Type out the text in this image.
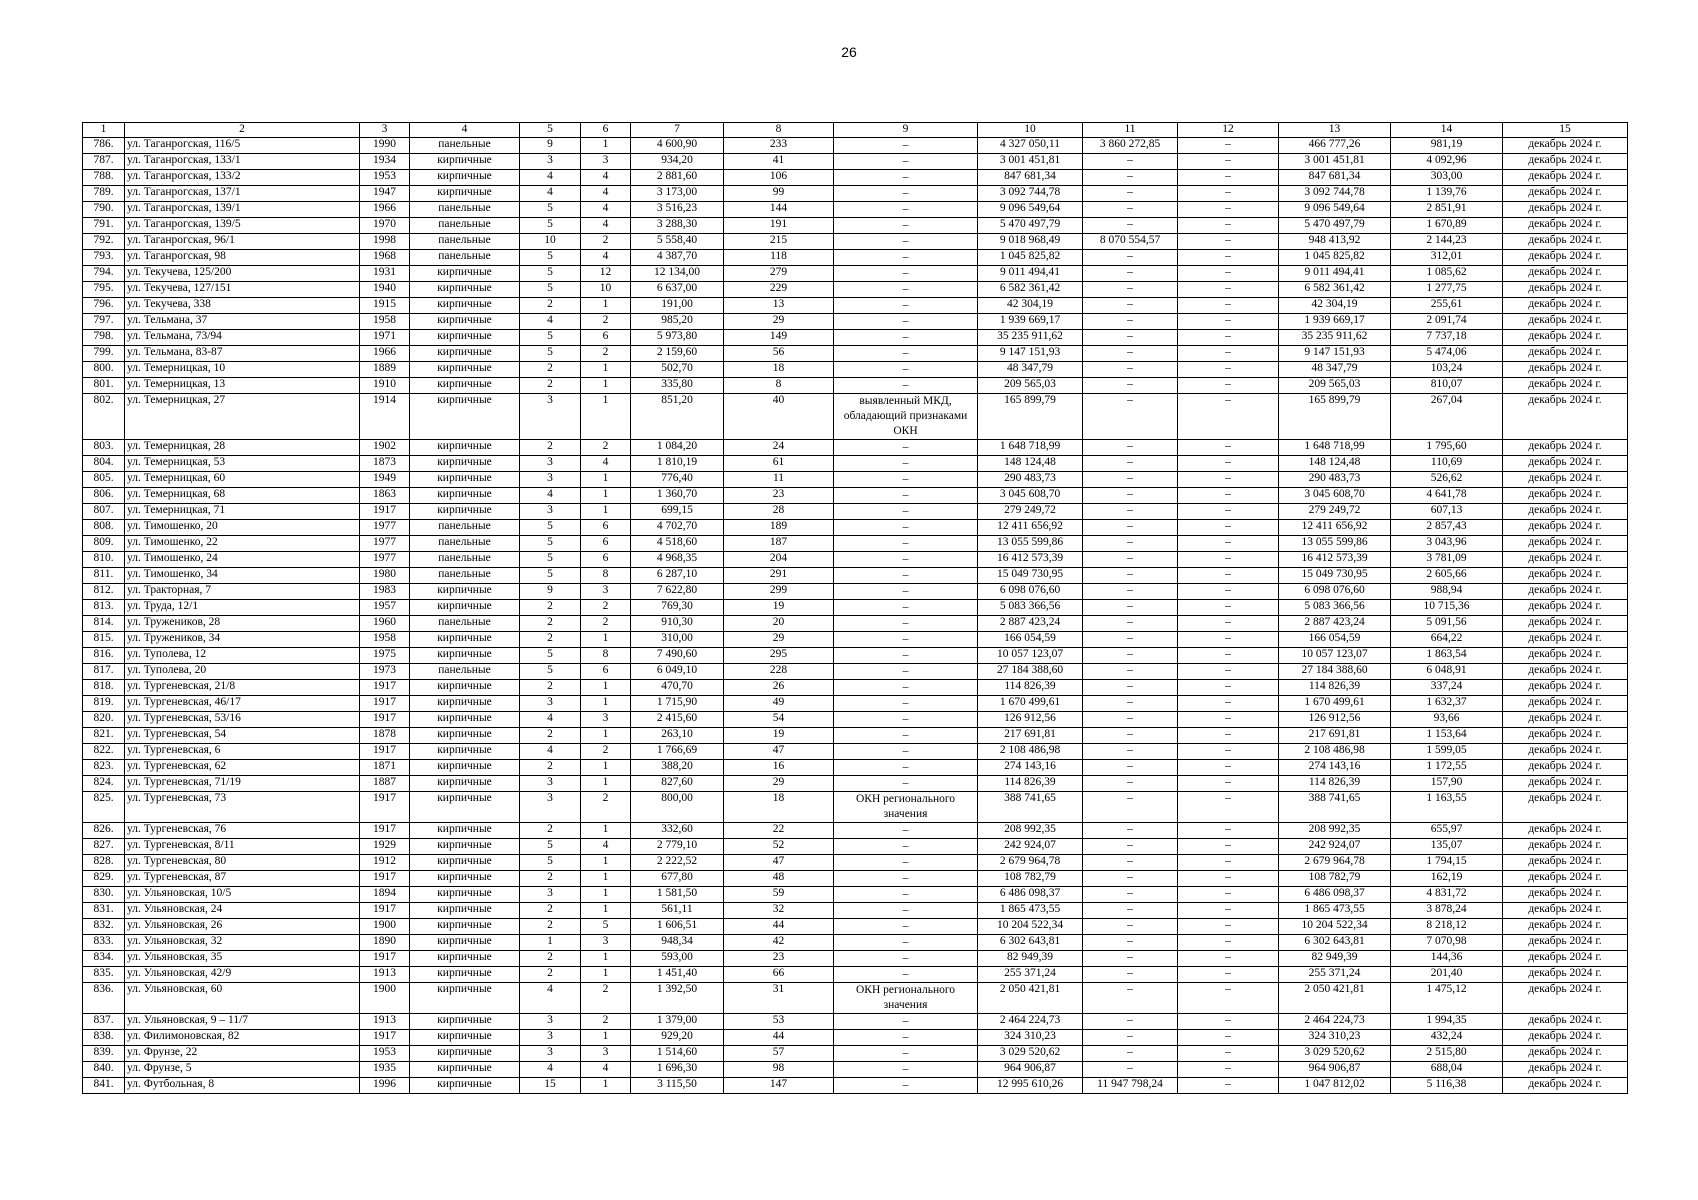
26
1	2	3	4	5	6	7	8	9	10	11	12	13	14	15
786.	ул. Таганрогская, 116/5	1990	панельные	9	1	4 600,90	233	–	4 327 050,11	3 860 272,85	–	466 777,26	981,19	декабрь 2024 г.
787.	ул. Таганрогская, 133/1	1934	кирпичные	3	3	934,20	41	–	3 001 451,81	–	–	3 001 451,81	4 092,96	декабрь 2024 г.
788.	ул. Таганрогская, 133/2	1953	кирпичные	4	4	2 881,60	106	–	847 681,34	–	–	847 681,34	303,00	декабрь 2024 г.
789.	ул. Таганрогская, 137/1	1947	кирпичные	4	4	3 173,00	99	–	3 092 744,78	–	–	3 092 744,78	1 139,76	декабрь 2024 г.
790.	ул. Таганрогская, 139/1	1966	панельные	5	4	3 516,23	144	–	9 096 549,64	–	–	9 096 549,64	2 851,91	декабрь 2024 г.
791.	ул. Таганрогская, 139/5	1970	панельные	5	4	3 288,30	191	–	5 470 497,79	–	–	5 470 497,79	1 670,89	декабрь 2024 г.
792.	ул. Таганрогская, 96/1	1998	панельные	10	2	5 558,40	215	–	9 018 968,49	8 070 554,57	–	948 413,92	2 144,23	декабрь 2024 г.
793.	ул. Таганрогская, 98	1968	панельные	5	4	4 387,70	118	–	1 045 825,82	–	–	1 045 825,82	312,01	декабрь 2024 г.
794.	ул. Текучева, 125/200	1931	кирпичные	5	12	12 134,00	279	–	9 011 494,41	–	–	9 011 494,41	1 085,62	декабрь 2024 г.
795.	ул. Текучева, 127/151	1940	кирпичные	5	10	6 637,00	229	–	6 582 361,42	–	–	6 582 361,42	1 277,75	декабрь 2024 г.
796.	ул. Текучева, 338	1915	кирпичные	2	1	191,00	13	–	42 304,19	–	–	42 304,19	255,61	декабрь 2024 г.
797.	ул. Тельмана, 37	1958	кирпичные	4	2	985,20	29	–	1 939 669,17	–	–	1 939 669,17	2 091,74	декабрь 2024 г.
798.	ул. Тельмана, 73/94	1971	кирпичные	5	6	5 973,80	149	–	35 235 911,62	–	–	35 235 911,62	7 737,18	декабрь 2024 г.
799.	ул. Тельмана, 83-87	1966	кирпичные	5	2	2 159,60	56	–	9 147 151,93	–	–	9 147 151,93	5 474,06	декабрь 2024 г.
800.	ул. Темерницкая, 10	1889	кирпичные	2	1	502,70	18	–	48 347,79	–	–	48 347,79	103,24	декабрь 2024 г.
801.	ул. Темерницкая, 13	1910	кирпичные	2	1	335,80	8	–	209 565,03	–	–	209 565,03	810,07	декабрь 2024 г.
802.	ул. Темерницкая, 27	1914	кирпичные	3	1	851,20	40	выявленный МКД, обладающий признаками ОКН	165 899,79	–	–	165 899,79	267,04	декабрь 2024 г.
803.	ул. Темерницкая, 28	1902	кирпичные	2	2	1 084,20	24	–	1 648 718,99	–	–	1 648 718,99	1 795,60	декабрь 2024 г.
804.	ул. Темерницкая, 53	1873	кирпичные	3	4	1 810,19	61	–	148 124,48	–	–	148 124,48	110,69	декабрь 2024 г.
805.	ул. Темерницкая, 60	1949	кирпичные	3	1	776,40	11	–	290 483,73	–	–	290 483,73	526,62	декабрь 2024 г.
806.	ул. Темерницкая, 68	1863	кирпичные	4	1	1 360,70	23	–	3 045 608,70	–	–	3 045 608,70	4 641,78	декабрь 2024 г.
807.	ул. Темерницкая, 71	1917	кирпичные	3	1	699,15	28	–	279 249,72	–	–	279 249,72	607,13	декабрь 2024 г.
808.	ул. Тимошенко, 20	1977	панельные	5	6	4 702,70	189	–	12 411 656,92	–	–	12 411 656,92	2 857,43	декабрь 2024 г.
809.	ул. Тимошенко, 22	1977	панельные	5	6	4 518,60	187	–	13 055 599,86	–	–	13 055 599,86	3 043,96	декабрь 2024 г.
810.	ул. Тимошенко, 24	1977	панельные	5	6	4 968,35	204	–	16 412 573,39	–	–	16 412 573,39	3 781,09	декабрь 2024 г.
811.	ул. Тимошенко, 34	1980	панельные	5	8	6 287,10	291	–	15 049 730,95	–	–	15 049 730,95	2 605,66	декабрь 2024 г.
812.	ул. Тракторная, 7	1983	кирпичные	9	3	7 622,80	299	–	6 098 076,60	–	–	6 098 076,60	988,94	декабрь 2024 г.
813.	ул. Труда, 12/1	1957	кирпичные	2	2	769,30	19	–	5 083 366,56	–	–	5 083 366,56	10 715,36	декабрь 2024 г.
814.	ул. Тружеников, 28	1960	панельные	2	2	910,30	20	–	2 887 423,24	–	–	2 887 423,24	5 091,56	декабрь 2024 г.
815.	ул. Тружеников, 34	1958	кирпичные	2	1	310,00	29	–	166 054,59	–	–	166 054,59	664,22	декабрь 2024 г.
816.	ул. Туполева, 12	1975	кирпичные	5	8	7 490,60	295	–	10 057 123,07	–	–	10 057 123,07	1 863,54	декабрь 2024 г.
817.	ул. Туполева, 20	1973	панельные	5	6	6 049,10	228	–	27 184 388,60	–	–	27 184 388,60	6 048,91	декабрь 2024 г.
818.	ул. Тургеневская, 21/8	1917	кирпичные	2	1	470,70	26	–	114 826,39	–	–	114 826,39	337,24	декабрь 2024 г.
819.	ул. Тургеневская, 46/17	1917	кирпичные	3	1	1 715,90	49	–	1 670 499,61	–	–	1 670 499,61	1 632,37	декабрь 2024 г.
820.	ул. Тургеневская, 53/16	1917	кирпичные	4	3	2 415,60	54	–	126 912,56	–	–	126 912,56	93,66	декабрь 2024 г.
821.	ул. Тургеневская, 54	1878	кирпичные	2	1	263,10	19	–	217 691,81	–	–	217 691,81	1 153,64	декабрь 2024 г.
822.	ул. Тургеневская, 6	1917	кирпичные	4	2	1 766,69	47	–	2 108 486,98	–	–	2 108 486,98	1 599,05	декабрь 2024 г.
823.	ул. Тургеневская, 62	1871	кирпичные	2	1	388,20	16	–	274 143,16	–	–	274 143,16	1 172,55	декабрь 2024 г.
824.	ул. Тургеневская, 71/19	1887	кирпичные	3	1	827,60	29	–	114 826,39	–	–	114 826,39	157,90	декабрь 2024 г.
825.	ул. Тургеневская, 73	1917	кирпичные	3	2	800,00	18	ОКН регионального значения	388 741,65	–	–	388 741,65	1 163,55	декабрь 2024 г.
826.	ул. Тургеневская, 76	1917	кирпичные	2	1	332,60	22	–	208 992,35	–	–	208 992,35	655,97	декабрь 2024 г.
827.	ул. Тургеневская, 8/11	1929	кирпичные	5	4	2 779,10	52	–	242 924,07	–	–	242 924,07	135,07	декабрь 2024 г.
828.	ул. Тургеневская, 80	1912	кирпичные	5	1	2 222,52	47	–	2 679 964,78	–	–	2 679 964,78	1 794,15	декабрь 2024 г.
829.	ул. Тургеневская, 87	1917	кирпичные	2	1	677,80	48	–	108 782,79	–	–	108 782,79	162,19	декабрь 2024 г.
830.	ул. Ульяновская, 10/5	1894	кирпичные	3	1	1 581,50	59	–	6 486 098,37	–	–	6 486 098,37	4 831,72	декабрь 2024 г.
831.	ул. Ульяновская, 24	1917	кирпичные	2	1	561,11	32	–	1 865 473,55	–	–	1 865 473,55	3 878,24	декабрь 2024 г.
832.	ул. Ульяновская, 26	1900	кирпичные	2	5	1 606,51	44	–	10 204 522,34	–	–	10 204 522,34	8 218,12	декабрь 2024 г.
833.	ул. Ульяновская, 32	1890	кирпичные	1	3	948,34	42	–	6 302 643,81	–	–	6 302 643,81	7 070,98	декабрь 2024 г.
834.	ул. Ульяновская, 35	1917	кирпичные	2	1	593,00	23	–	82 949,39	–	–	82 949,39	144,36	декабрь 2024 г.
835.	ул. Ульяновская, 42/9	1913	кирпичные	2	1	1 451,40	66	–	255 371,24	–	–	255 371,24	201,40	декабрь 2024 г.
836.	ул. Ульяновская, 60	1900	кирпичные	4	2	1 392,50	31	ОКН регионального значения	2 050 421,81	–	–	2 050 421,81	1 475,12	декабрь 2024 г.
837.	ул. Ульяновская, 9 – 11/7	1913	кирпичные	3	2	1 379,00	53	–	2 464 224,73	–	–	2 464 224,73	1 994,35	декабрь 2024 г.
838.	ул. Филимоновская, 82	1917	кирпичные	3	1	929,20	44	–	324 310,23	–	–	324 310,23	432,24	декабрь 2024 г.
839.	ул. Фрунзе, 22	1953	кирпичные	3	3	1 514,60	57	–	3 029 520,62	–	–	3 029 520,62	2 515,80	декабрь 2024 г.
840.	ул. Фрунзе, 5	1935	кирпичные	4	4	1 696,30	98	–	964 906,87	–	–	964 906,87	688,04	декабрь 2024 г.
841.	ул. Футбольная, 8	1996	кирпичные	15	1	3 115,50	147	–	12 995 610,26	11 947 798,24	–	1 047 812,02	5 116,38	декабрь 2024 г.
